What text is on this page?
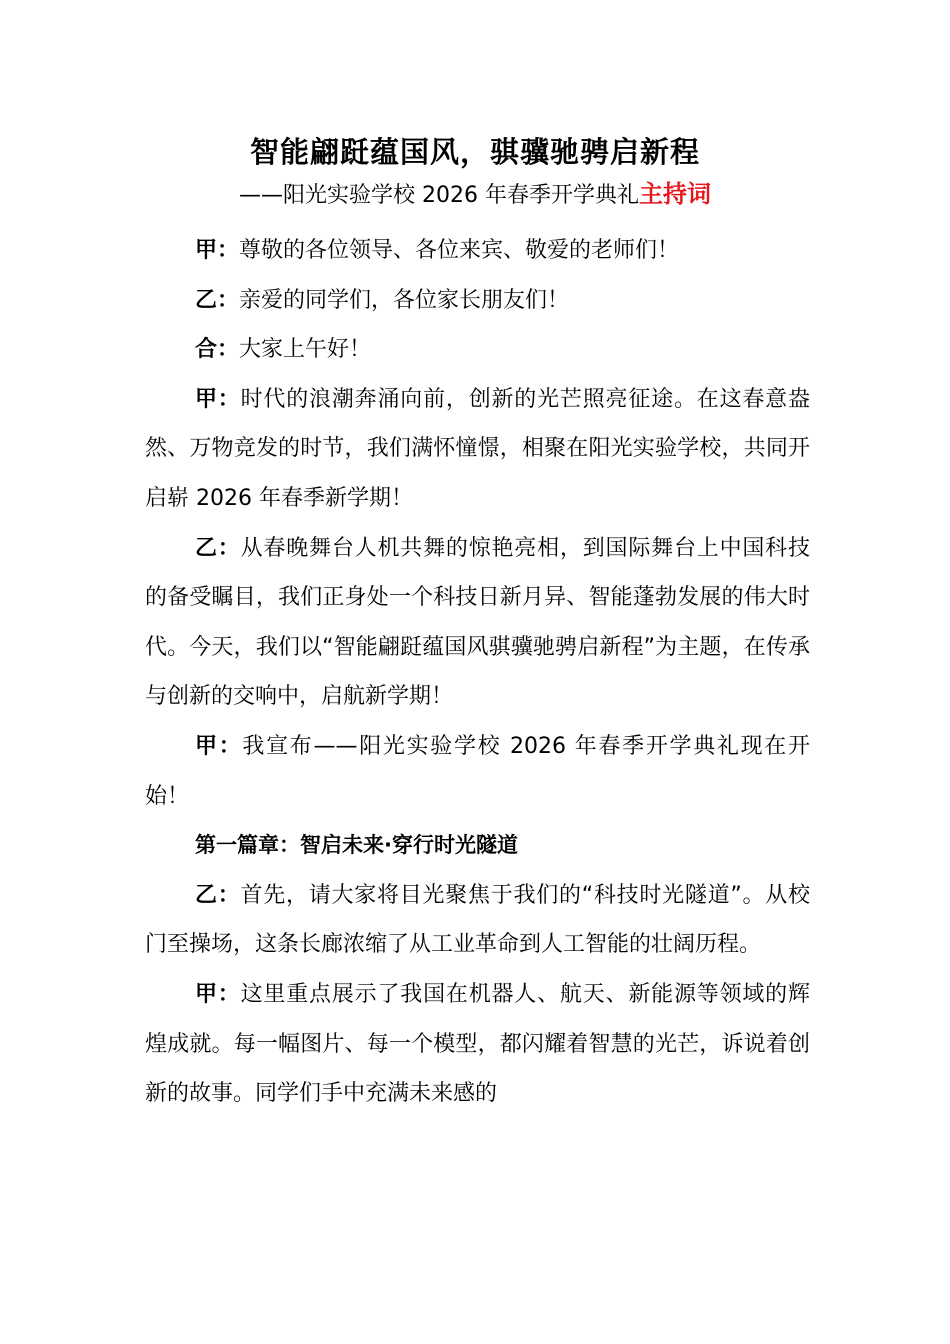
智能翩跹蕴国风，骐骥驰骋启新程
——阳光实验学校 2026 年春季开学典礼主持词

甲：尊敬的各位领导、各位来宾、敬爱的老师们！

乙：亲爱的同学们，各位家长朋友们！

合：大家上午好！

甲：时代的浪潮奔涌向前，创新的光芒照亮征途。在这春意盎然、万物竞发的时节，我们满怀憧憬，相聚在阳光实验学校，共同开启崭 2026 年春季新学期！

乙：从春晚舞台人机共舞的惊艳亮相，到国际舞台上中国科技的备受瞩目，我们正身处一个科技日新月异、智能蓬勃发展的伟大时代。今天，我们以“智能翩跹蕴国风骐骥驰骋启新程”为主题，在传承与创新的交响中，启航新学期！

甲：我宣布——阳光实验学校 2026 年春季开学典礼现在开始！

第一篇章：智启未来·穿行时光隧道

乙：首先，请大家将目光聚焦于我们的“科技时光隧道”。从校门至操场，这条长廊浓缩了从工业革命到人工智能的壮阔历程。

甲：这里重点展示了我国在机器人、航天、新能源等领域的辉煌成就。每一幅图片、每一个模型，都闪耀着智慧的光芒，诉说着创新的故事。同学们手中充满未来感的
